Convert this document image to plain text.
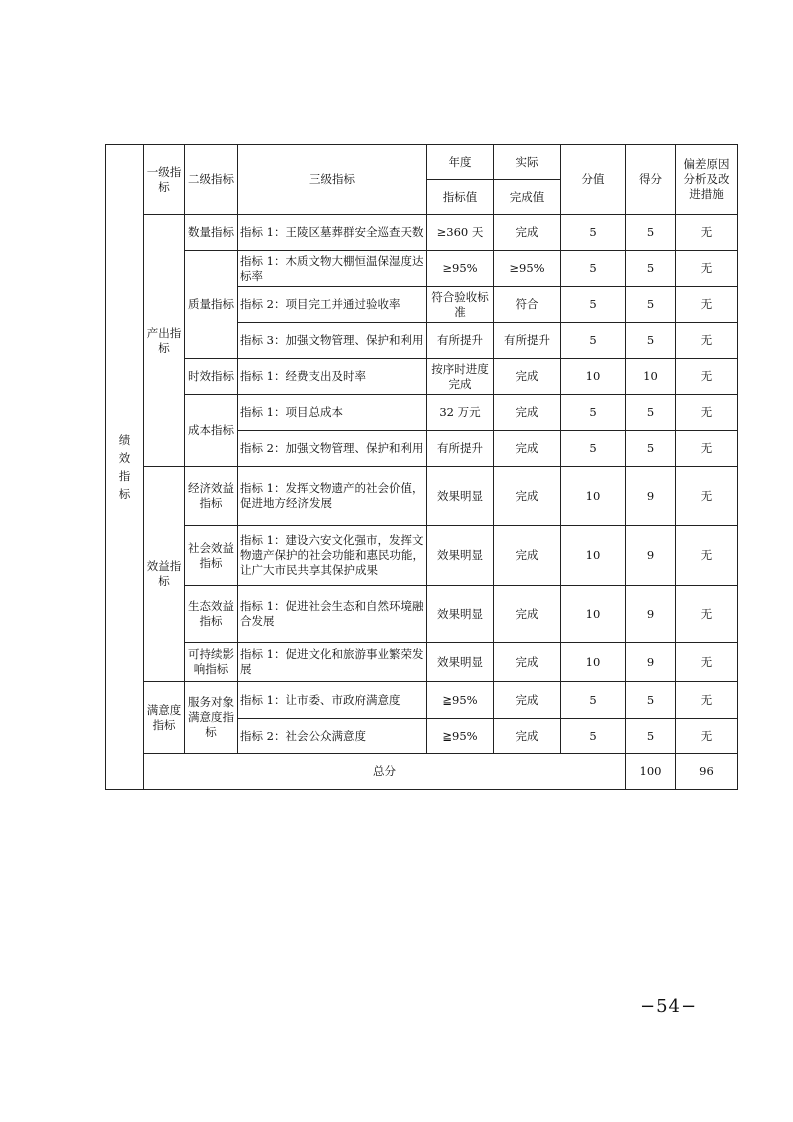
绩效指标	一级指标	二级指标	三级指标	年度	实际	分值	得分	偏差原因分析及改进措施	
				指标值	完成值				
	产出指标	数量指标	指标 1：王陵区墓葬群安全巡查天数	≥360 天	完成	5	5	无	
		质量指标	指标 1：木质文物大棚恒温保湿度达标率	≥95%	≥95%	5	5	无	
			指标 2：项目完工并通过验收率	符合验收标准	符合	5	5	无	
			指标 3：加强文物管理、保护和利用	有所提升	有所提升	5	5	无	
		时效指标	指标 1：经费支出及时率	按序时进度完成	完成	10	10	无	
		成本指标	指标 1：项目总成本	32 万元	完成	5	5	无	
			指标 2：加强文物管理、保护和利用	有所提升	完成	5	5	无	
	效益指标	经济效益指标	指标 1：发挥文物遗产的社会价值，促进地方经济发展	效果明显	完成	10	9	无	
		社会效益指标	指标 1：建设六安文化强市，发挥文物遗产保护的社会功能和惠民功能，让广大市民共享其保护成果	效果明显	完成	10	9	无	
		生态效益指标	指标 1：促进社会生态和自然环境融合发展	效果明显	完成	10	9	无	
		可持续影响指标	指标 1：促进文化和旅游事业繁荣发展	效果明显	完成	10	9	无	
	满意度指标	服务对象满意度指标	指标 1：让市委、市政府满意度	≧95%	完成	5	5	无	
			指标 2：社会公众满意度	≧95%	完成	5	5	无	
	总分						100	96	
−54−
